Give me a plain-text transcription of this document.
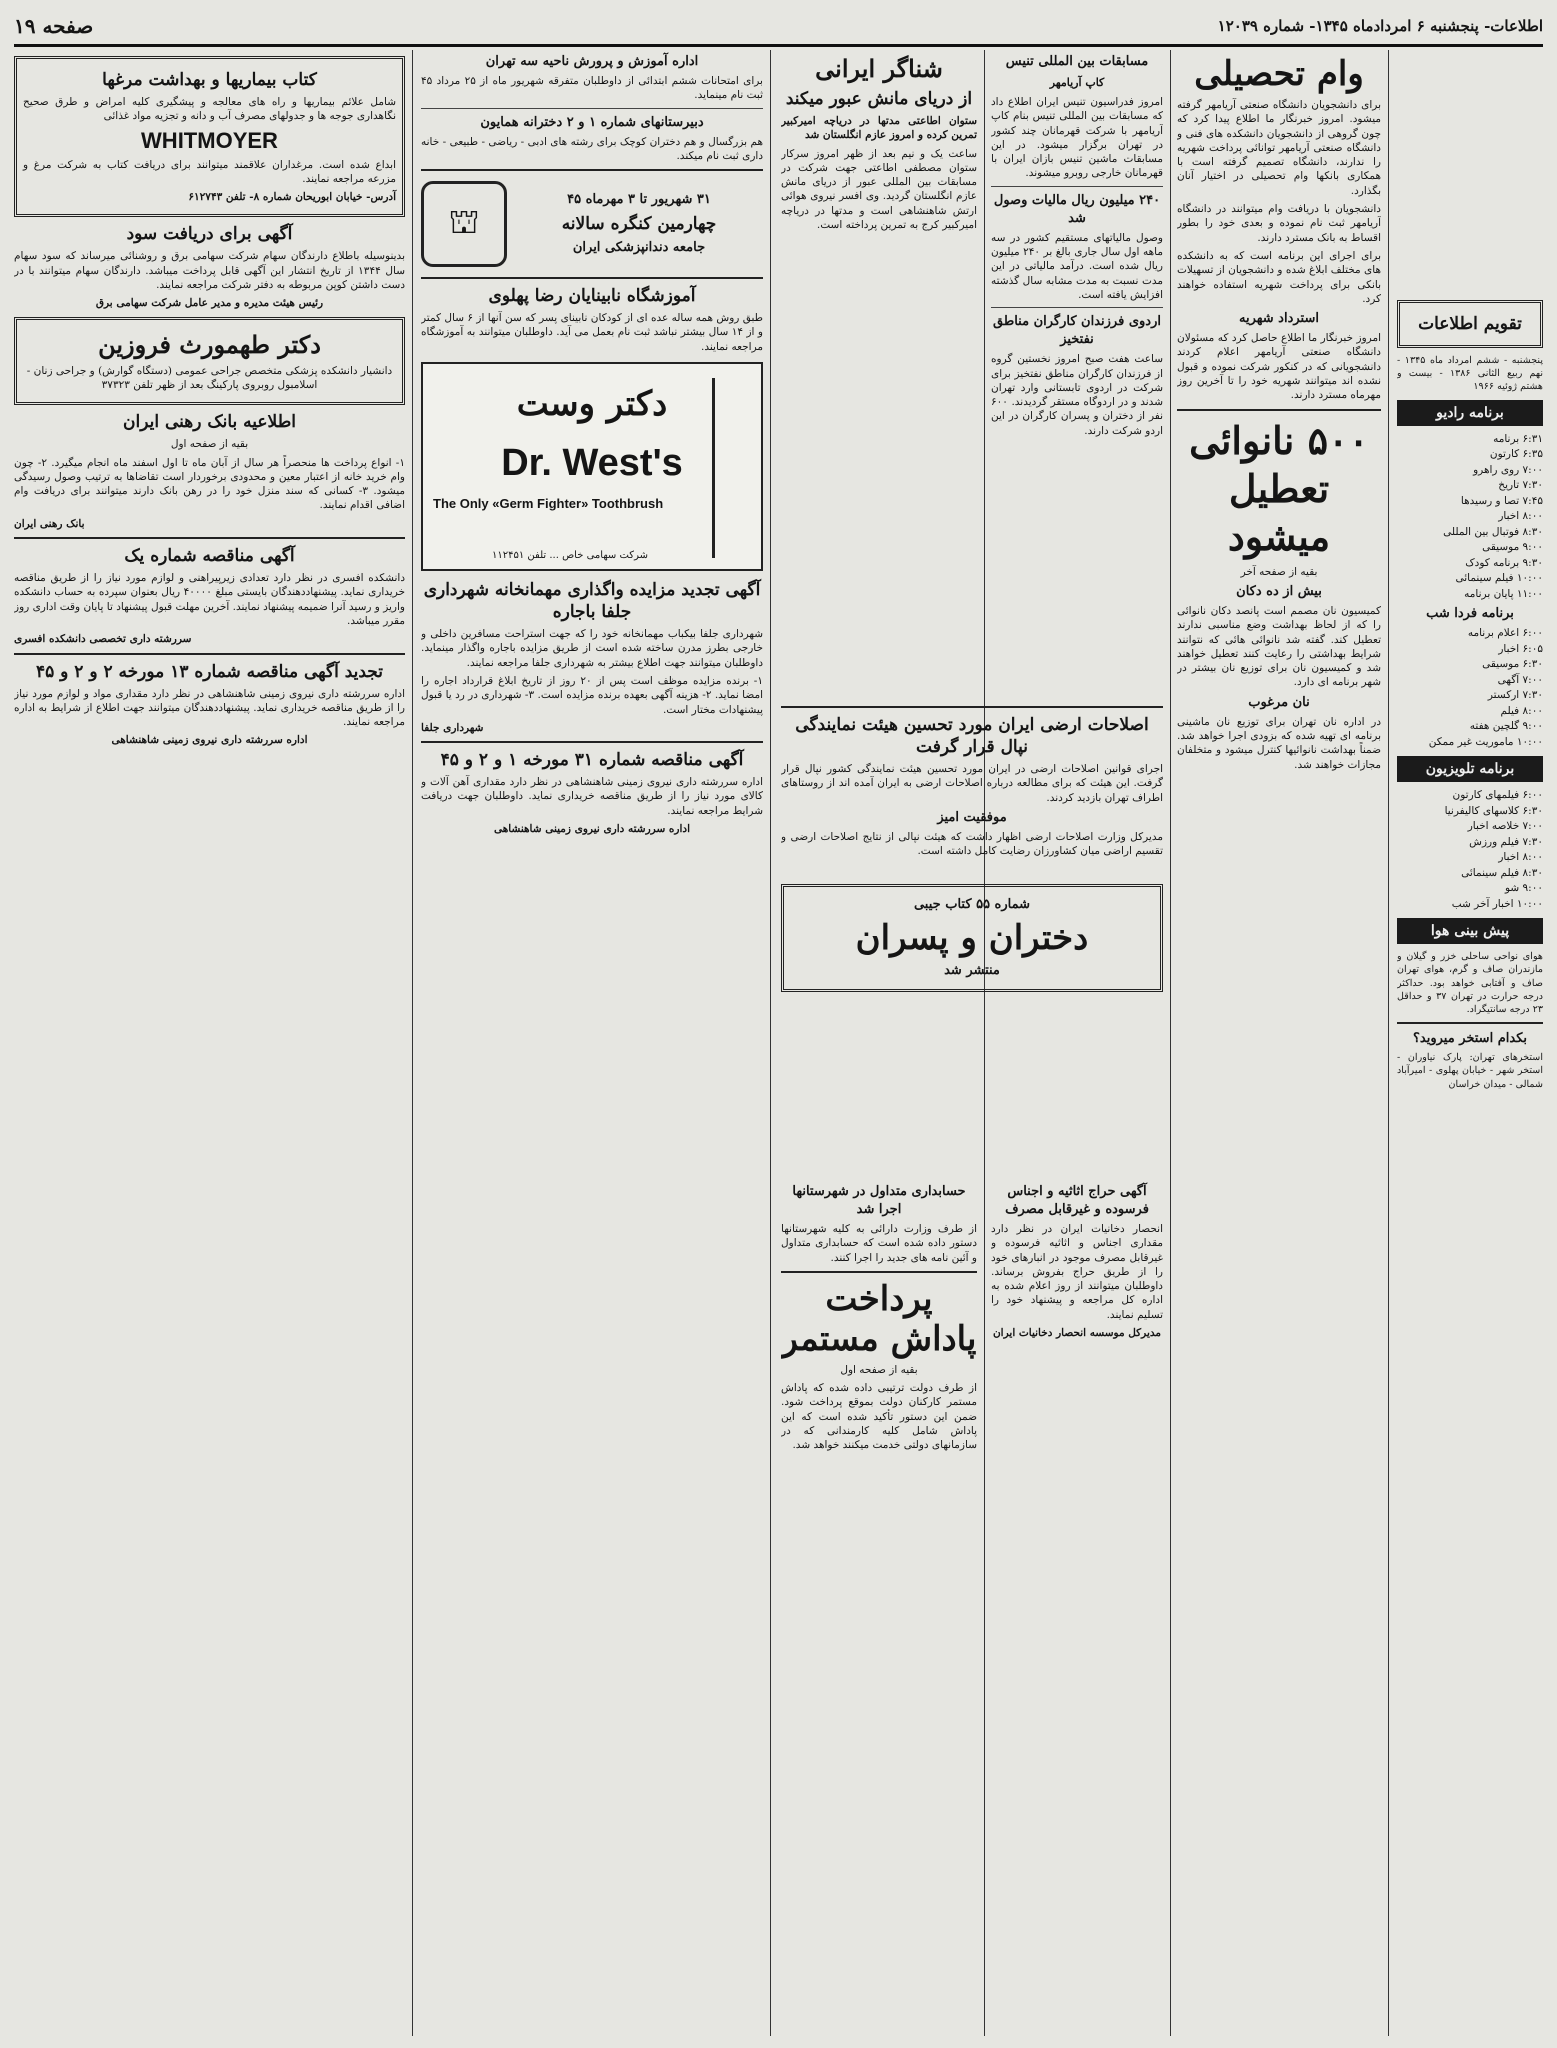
اطلاعات- پنجشنبه ۶ امردادماه ۱۳۴۵- شماره ۱۲۰۳۹
صفحه ۱۹
تقویم اطلاعات

پنجشنبه - ششم امرداد ماه ۱۳۴۵ - نهم ربیع الثانی ۱۳۸۶ - بیست و هشتم ژوئیه ۱۹۶۶

برنامه رادیو
۶:۳۱ برنامه
۶:۳۵ کارتون
۷:۰۰ روی راهرو
۷:۳۰ تاریخ
۷:۴۵ تصا و رسیدها
۸:۰۰ اخبار
۸:۳۰ فوتبال بین المللی
۹:۰۰ موسیقی
۹:۳۰ برنامه کودک
۱۰:۰۰ فیلم سینمائی
۱۱:۰۰ پایان برنامه
برنامه فردا شب
۶:۰۰ اعلام برنامه
۶:۰۵ اخبار
۶:۳۰ موسیقی
۷:۰۰ آگهی
۷:۳۰ ارکستر
۸:۰۰ فیلم
۹:۰۰ گلچین هفته
۱۰:۰۰ ماموریت غیر ممکن
برنامه تلویزیون
۶:۰۰ فیلمهای کارتون
۶:۳۰ کلاسهای کالیفرنیا
۷:۰۰ خلاصه اخبار
۷:۳۰ فیلم ورزش
۸:۰۰ اخبار
۸:۳۰ فیلم سینمائی
۹:۰۰ شو
۱۰:۰۰ اخبار آخر شب
پیش بینی هوا

هوای نواحی ساحلی خزر و گیلان و مازندران صاف و گرم، هوای تهران صاف و آفتابی خواهد بود. حداکثر درجه حرارت در تهران ۳۷ و حداقل ۲۳ درجه سانتیگراد.

بکدام استخر میروید؟

استخرهای تهران: پارک نیاوران - استخر شهر - خیابان پهلوی - امیرآباد شمالی - میدان خراسان

وام تحصیلی

برای دانشجویان دانشگاه صنعتی آریامهر گرفته میشود. امروز خبرنگار ما اطلاع پیدا کرد که چون گروهی از دانشجویان دانشکده های فنی و دانشگاه صنعتی آریامهر توانائی پرداخت شهریه را ندارند، دانشگاه تصمیم گرفته است با همکاری بانکها وام تحصیلی در اختیار آنان بگذارد.

دانشجویان با دریافت وام میتوانند در دانشگاه آریامهر ثبت نام نموده و بعدی خود را بطور اقساط به بانک مسترد دارند.

برای اجرای این برنامه است که به دانشکده های مختلف ابلاغ شده و دانشجویان از تسهیلات بانکی برای پرداخت شهریه استفاده خواهند کرد.

استرداد شهریه

امروز خبرنگار ما اطلاع حاصل کرد که مسئولان دانشگاه صنعتی آریامهر اعلام کردند دانشجویانی که در کنکور شرکت نموده و قبول نشده اند میتوانند شهریه خود را تا آخرین روز مهرماه مسترد دارند.

۵۰۰ نانوائی تعطیل میشود

بقیه از صفحه آخر

بیش از ده دکان

کمیسیون نان مصمم است پانصد دکان نانوائی را که از لحاظ بهداشت وضع مناسبی ندارند تعطیل کند. گفته شد نانوائی هائی که نتوانند شرایط بهداشتی را رعایت کنند تعطیل خواهند شد و کمیسیون نان برای توزیع نان بیشتر در شهر برنامه ای دارد.

نان مرغوب

در اداره نان تهران برای توزیع نان ماشینی برنامه ای تهیه شده که بزودی اجرا خواهد شد. ضمناً بهداشت نانوائیها کنترل میشود و متخلفان مجازات خواهند شد.

مسابقات بین المللی تنیس
کاپ آریامهر

امروز فدراسیون تنیس ایران اطلاع داد که مسابقات بین المللی تنیس بنام کاپ آریامهر با شرکت قهرمانان چند کشور در تهران برگزار میشود. در این مسابقات ماشین تنیس بازان ایران با قهرمانان خارجی روبرو میشوند.

۲۴۰ میلیون ریال مالیات وصول شد

وصول مالیاتهای مستقیم کشور در سه ماهه اول سال جاری بالغ بر ۲۴۰ میلیون ریال شده است. درآمد مالیاتی در این مدت نسبت به مدت مشابه سال گذشته افزایش یافته است.

اردوی فرزندان کارگران مناطق نفتخیز

ساعت هفت صبح امروز نخستین گروه از فرزندان کارگران مناطق نفتخیز برای شرکت در اردوی تابستانی وارد تهران شدند و در اردوگاه مستقر گردیدند. ۶۰۰ نفر از دختران و پسران کارگران در این اردو شرکت دارند.

شناگر ایرانی
از دریای مانش عبور میکند

ستوان اطاعتی مدتها در دریاچه امیرکبیر تمرین کرده و امروز عازم انگلستان شد

ساعت یک و نیم بعد از ظهر امروز سرکار ستوان مصطفی اطاعتی جهت شرکت در مسابقات بین المللی عبور از دریای مانش عازم انگلستان گردید. وی افسر نیروی هوائی ارتش شاهنشاهی است و مدتها در دریاچه امیرکبیر کرج به تمرین پرداخته است.

اصلاحات ارضی ایران مورد تحسین هیئت نمایندگی نپال قرار گرفت

اجرای قوانین اصلاحات ارضی در ایران مورد تحسین هیئت نمایندگی کشور نپال قرار گرفت. این هیئت که برای مطالعه درباره اصلاحات ارضی به ایران آمده اند از روستاهای اطراف تهران بازدید کردند.

موفقیت امیز

مدیرکل وزارت اصلاحات ارضی اظهار داشت که هیئت نپالی از نتایج اصلاحات ارضی و تقسیم اراضی میان کشاورزان رضایت کامل داشته است.

شماره ۵۵ کتاب جیبی
دختران و پسران
منتشر شد
حسابداری متداول در شهرستانها اجرا شد

از طرف وزارت دارائی به کلیه شهرستانها دستور داده شده است که حسابداری متداول و آئین نامه های جدید را اجرا کنند.

پرداخت پاداش مستمر

بقیه از صفحه اول

از طرف دولت ترتیبی داده شده که پاداش مستمر کارکنان دولت بموقع پرداخت شود. ضمن این دستور تأکید شده است که این پاداش شامل کلیه کارمندانی که در سازمانهای دولتی خدمت میکنند خواهد شد.

آگهی حراج اثاثیه و اجناس فرسوده و غیرقابل مصرف

انحصار دخانیات ایران در نظر دارد مقداری اجناس و اثاثیه فرسوده و غیرقابل مصرف موجود در انبارهای خود را از طریق حراج بفروش برساند. داوطلبان میتوانند از روز اعلام شده به اداره کل مراجعه و پیشنهاد خود را تسلیم نمایند.

مدیرکل موسسه انحصار دخانیات ایران

اداره آموزش و پرورش ناحیه سه تهران

برای امتحانات ششم ابتدائی از داوطلبان متفرقه شهریور ماه از ۲۵ مرداد ۴۵ ثبت نام مینماید.

دبیرستانهای شماره ۱ و ۲ دخترانه همایون

هم بزرگسال و هم دختران کوچک برای رشته های ادبی - ریاضی - طبیعی - خانه داری ثبت نام میکند.

۳۱ شهریور تا ۳ مهرماه ۴۵
چهارمین کنگره سالانه
جامعه دندانپزشکی ایران
⛫
آموزشگاه نابینایان رضا پهلوی

طبق روش همه ساله عده ای از کودکان نابینای پسر که سن آنها از ۶ سال کمتر و از ۱۴ سال بیشتر نباشد ثبت نام بعمل می آید. داوطلبان میتوانند به آموزشگاه مراجعه نمایند.

دکتر وست
Dr. West's
The Only «Germ Fighter» Toothbrush
شرکت سهامی خاص ... تلفن ۱۱۲۴۵۱
آگهی تجدید مزایده واگذاری مهمانخانه شهرداری جلفا باجاره

شهرداری جلفا بیکباب مهمانخانه خود را که جهت استراحت مسافرین داخلی و خارجی بطرز مدرن ساخته شده است از طریق مزایده باجاره واگذار مینماید. داوطلبان میتوانند جهت اطلاع بیشتر به شهرداری جلفا مراجعه نمایند.

۱- برنده مزایده موظف است پس از ۲۰ روز از تاریخ ابلاغ قرارداد اجاره را امضا نماید. ۲- هزینه آگهی بعهده برنده مزایده است. ۳- شهرداری در رد یا قبول پیشنهادات مختار است.

شهرداری جلفا

آگهی مناقصه شماره ۳۱ مورخه ۱ و ۲ و ۴۵

اداره سررشته داری نیروی زمینی شاهنشاهی در نظر دارد مقداری آهن آلات و کالای مورد نیاز را از طریق مناقصه خریداری نماید. داوطلبان جهت دریافت شرایط مراجعه نمایند.

اداره سررشته داری نیروی زمینی شاهنشاهی

کتاب بیماریها و بهداشت مرغها

شامل علائم بیماریها و راه های معالجه و پیشگیری کلیه امراض و طرق صحیح نگاهداری جوجه ها و جدولهای مصرف آب و دانه و تجزیه مواد غذائی

WHITMOYER

ابداع شده است. مرغداران علاقمند میتوانند برای دریافت کتاب به شرکت مرغ و مزرعه مراجعه نمایند.

آدرس- خیابان ابوریحان شماره ۸- تلفن ۶۱۲۷۴۳

آگهی برای دریافت سود

بدینوسیله باطلاع دارندگان سهام شرکت سهامی برق و روشنائی میرساند که سود سهام سال ۱۳۴۴ از تاریخ انتشار این آگهی قابل پرداخت میباشد. دارندگان سهام میتوانند با در دست داشتن کوپن مربوطه به دفتر شرکت مراجعه نمایند.

رئیس هیئت مدیره و مدیر عامل شرکت سهامی برق

دکتر طهمورث فروزین

دانشیار دانشکده پزشکی متخصص جراحی عمومی (دستگاه گوارش) و جراحی زنان - اسلامبول روبروی پارکینگ بعد از ظهر تلفن ۳۷۳۲۳

اطلاعیه بانک رهنی ایران

بقیه از صفحه اول

۱- انواع پرداخت ها منحصراً هر سال از آبان ماه تا اول اسفند ماه انجام میگیرد. ۲- چون وام خرید خانه از اعتبار معین و محدودی برخوردار است تقاضاها به ترتیب وصول رسیدگی میشود. ۳- کسانی که سند منزل خود را در رهن بانک دارند میتوانند برای دریافت وام اضافی اقدام نمایند.

بانک رهنی ایران

آگهی مناقصه شماره یک

دانشکده افسری در نظر دارد تعدادی زیرپیراهنی و لوازم مورد نیاز را از طریق مناقصه خریداری نماید. پیشنهاددهندگان بایستی مبلغ ۴۰۰۰۰ ریال بعنوان سپرده به حساب دانشکده واریز و رسید آنرا ضمیمه پیشنهاد نمایند. آخرین مهلت قبول پیشنهاد تا پایان وقت اداری روز مقرر میباشد.

سررشته داری تخصصی دانشکده افسری

تجدید آگهی مناقصه شماره ۱۳ مورخه ۲ و ۲ و ۴۵

اداره سررشته داری نیروی زمینی شاهنشاهی در نظر دارد مقداری مواد و لوازم مورد نیاز را از طریق مناقصه خریداری نماید. پیشنهاددهندگان میتوانند جهت اطلاع از شرایط به اداره مراجعه نمایند.

اداره سررشته داری نیروی زمینی شاهنشاهی
